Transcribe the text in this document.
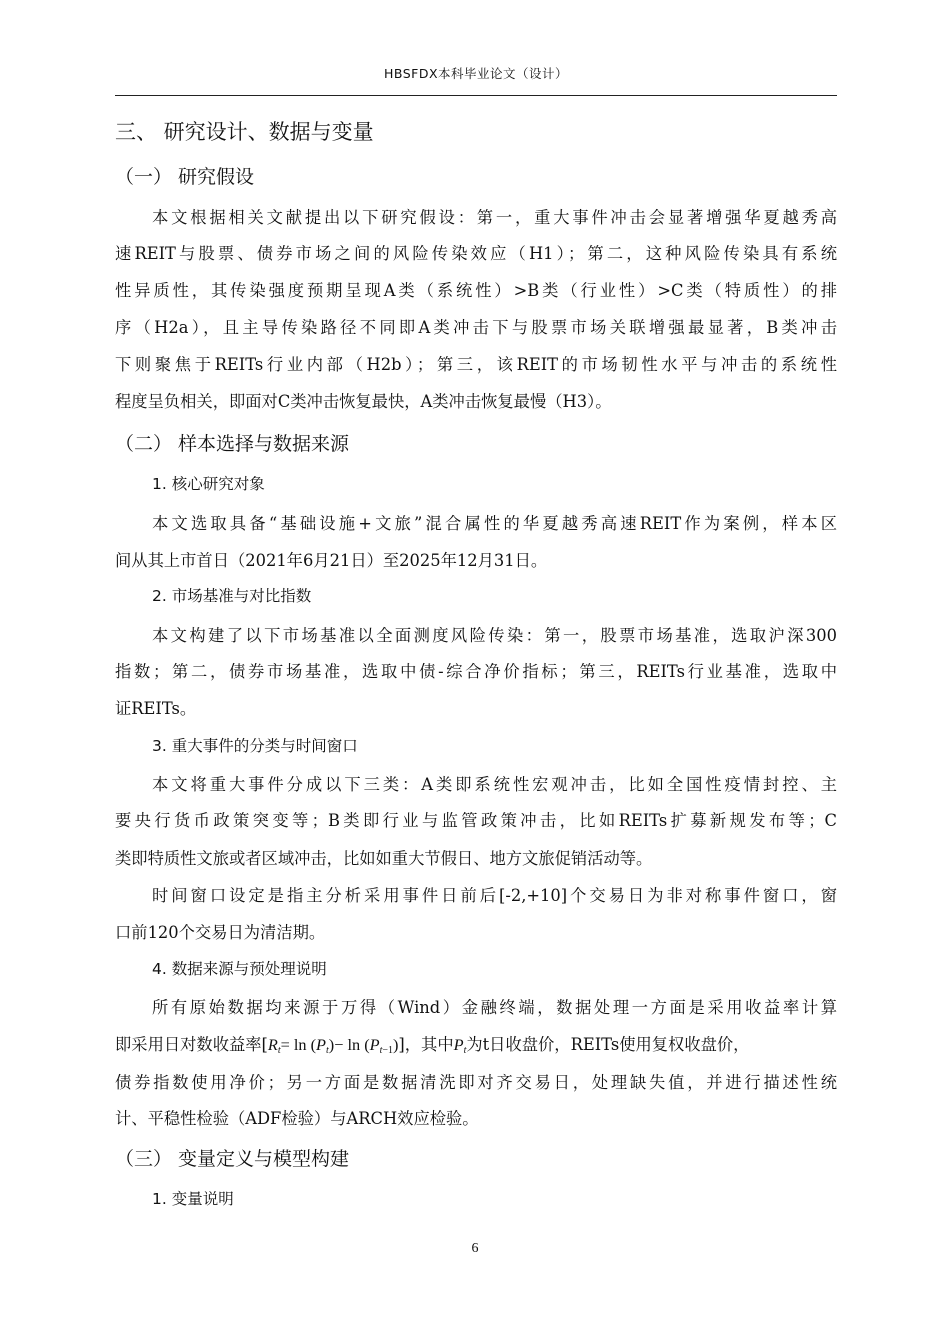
HBSFDX本科毕业论文（设计）
三、 研究设计、数据与变量
（一） 研究假设
本文根据相关文献提出以下研究假设：第一，重大事件冲击会显著增强华夏越秀高
速REIT与股票、债券市场之间的风险传染效应（H1）；第二，这种风险传染具有系统
性异质性，其传染强度预期呈现A类（系统性）>B类（行业性）>C类（特质性）的排
序（H2a），且主导传染路径不同即A类冲击下与股票市场关联增强最显著，B类冲击
下则聚焦于REITs行业内部（H2b）；第三，该REIT的市场韧性水平与冲击的系统性
程度呈负相关，即面对C类冲击恢复最快，A类冲击恢复最慢（H3）。
（二） 样本选择与数据来源
1. 核心研究对象
本文选取具备“基础设施+文旅”混合属性的华夏越秀高速REIT作为案例，样本区
间从其上市首日（2021年6月21日）至2025年12月31日。
2. 市场基准与对比指数
本文构建了以下市场基准以全面测度风险传染：第一，股票市场基准，选取沪深300
指数；第二，债券市场基准，选取中债-综合净价指标；第三，REITs行业基准，选取中
证REITs。
3. 重大事件的分类与时间窗口
本文将重大事件分成以下三类：A类即系统性宏观冲击，比如全国性疫情封控、主
要央行货币政策突变等；B类即行业与监管政策冲击，比如REITs扩募新规发布等；C
类即特质性文旅或者区域冲击，比如如重大节假日、地方文旅促销活动等。
时间窗口设定是指主分析采用事件日前后[-2,+10]个交易日为非对称事件窗口，窗
口前120个交易日为清洁期。
4. 数据来源与预处理说明
所有原始数据均来源于万得（Wind）金融终端，数据处理一方面是采用收益率计算
即采用日对数收益率$[R_t= \ln (P_t)- \ln (P_{t-1})]$，其中$P_t$为t日收盘价，REITs使用复权收盘价，
债券指数使用净价；另一方面是数据清洗即对齐交易日，处理缺失值，并进行描述性统
计、平稳性检验（ADF检验）与ARCH效应检验。
（三） 变量定义与模型构建
1. 变量说明
6
